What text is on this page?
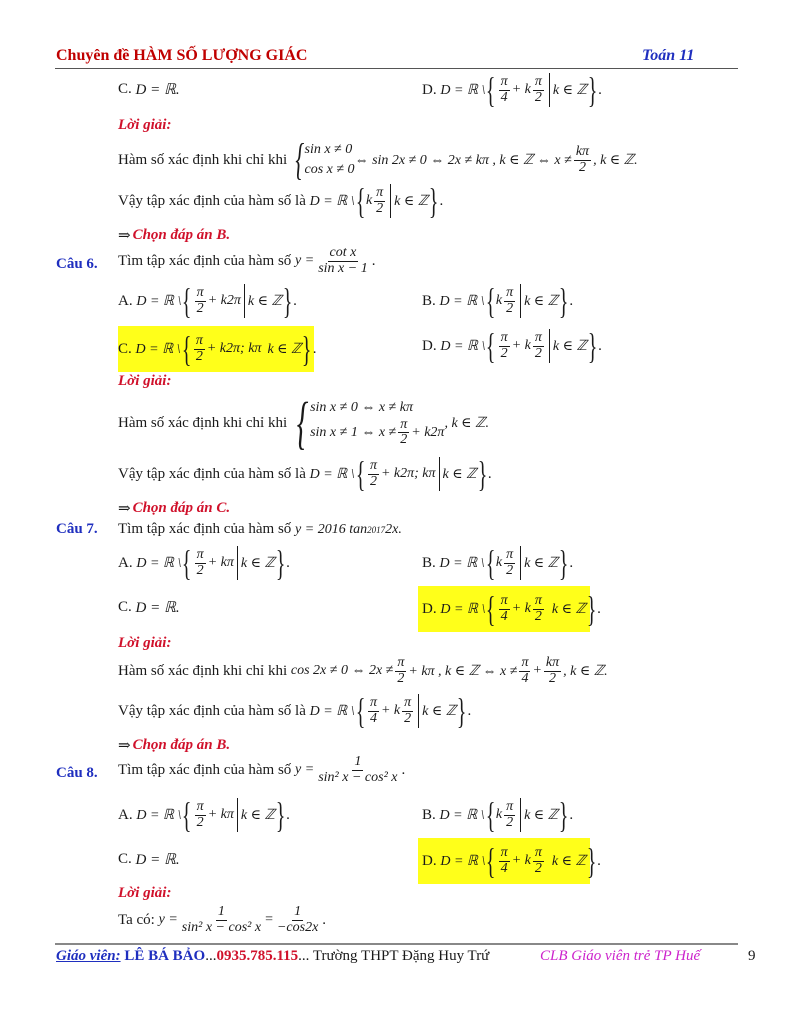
Chuyên đề HÀM SỐ LƯỢNG GIÁC	Toán 11
C.
D = ℝ.	D.
D = ℝ \ { $\frac{\pi}{4} + k \frac{\pi}{2}$ k ∈ ℤ } .
Lời giải:
Hàm số xác định khi chỉ khi
{ sin x ≠ 0
cos x ≠ 0
⇔ sin 2x ≠ 0 ⇔ 2x ≠ kπ , k ∈ ℤ ⇔ $x \ne \frac{k\pi}{2}$ , k ∈ ℤ.
Vậy tập xác định của hàm số là
D = ℝ \ { k $\frac{\pi}{2}$ k ∈ ℤ } .
⇒ Chọn đáp án B.
Câu 6. Tìm tập xác định của hàm số
$y = \frac{\text{cot x}}{\text{sin x − 1}}$ .
A.
D = ℝ \ { $\frac{\pi}{2} + k2\pi$ k ∈ ℤ } .	B.
D = ℝ \ { k $\frac{\pi}{2}$ k ∈ ℤ } .
C.
D = ℝ \ { $\frac{\pi}{2} + k2\pi$; kπ k ∈ ℤ } .	D.
D = ℝ \ { $\frac{\pi}{2} + k \frac{\pi}{2}$ k ∈ ℤ } .
Lời giải:
Hàm số xác định khi chỉ khi
{ sin x ≠ 0 ⇔ x ≠ kπ
sin x ≠ 1 ⇔ $x \ne \frac{\pi}{2} + k2\pi$
, k ∈ ℤ.
Vậy tập xác định của hàm số là
D = ℝ \ { $\frac{\pi}{2} + k2\pi$; kπ k ∈ ℤ } .
⇒ Chọn đáp án C.
Câu 7. Tìm tập xác định của hàm số
y = 2016 tan 2017 2x.
A.
D = ℝ \ { $\frac{\pi}{2} + k\pi$ k ∈ ℤ } .	B.
D = ℝ \ { k $\frac{\pi}{2}$ k ∈ ℤ } .
C.
D = ℝ.	D.
D = ℝ \ { $\frac{\pi}{4} + k \frac{\pi}{2}$ k ∈ ℤ } .
Lời giải:
Hàm số xác định khi chỉ khi
cos 2x ≠ 0 ⇔ $2x \ne \frac{\pi}{2} + k\pi$ , k ∈ ℤ ⇔ $x \ne \frac{\pi}{4} + \frac{k\pi}{2}$ , k ∈ ℤ.
Vậy tập xác định của hàm số là
D = ℝ \ { $\frac{\pi}{4} + k \frac{\pi}{2}$ k ∈ ℤ } .
⇒ Chọn đáp án B.
Câu 8. Tìm tập xác định của hàm số
$y = \frac{1}{\text{sin² x − cos² x}}$ .
A.
D = ℝ \ { $\frac{\pi}{2} + k\pi$ k ∈ ℤ } .	B.
D = ℝ \ { k $\frac{\pi}{2}$ k ∈ ℤ } .
C.
D = ℝ.	D.
D = ℝ \ { $\frac{\pi}{4} + k \frac{\pi}{2}$ k ∈ ℤ } .
Lời giải:
Ta có:
$y = \frac{1}{\text{sin² x − cos² x}} = \frac{1}{-\cos 2x}$ .
Giáo viên: LÊ BÁ BẢO...0935.785.115... Trường THPT Đặng Huy Trứ	CLB Giáo viên trẻ TP Huế	9
